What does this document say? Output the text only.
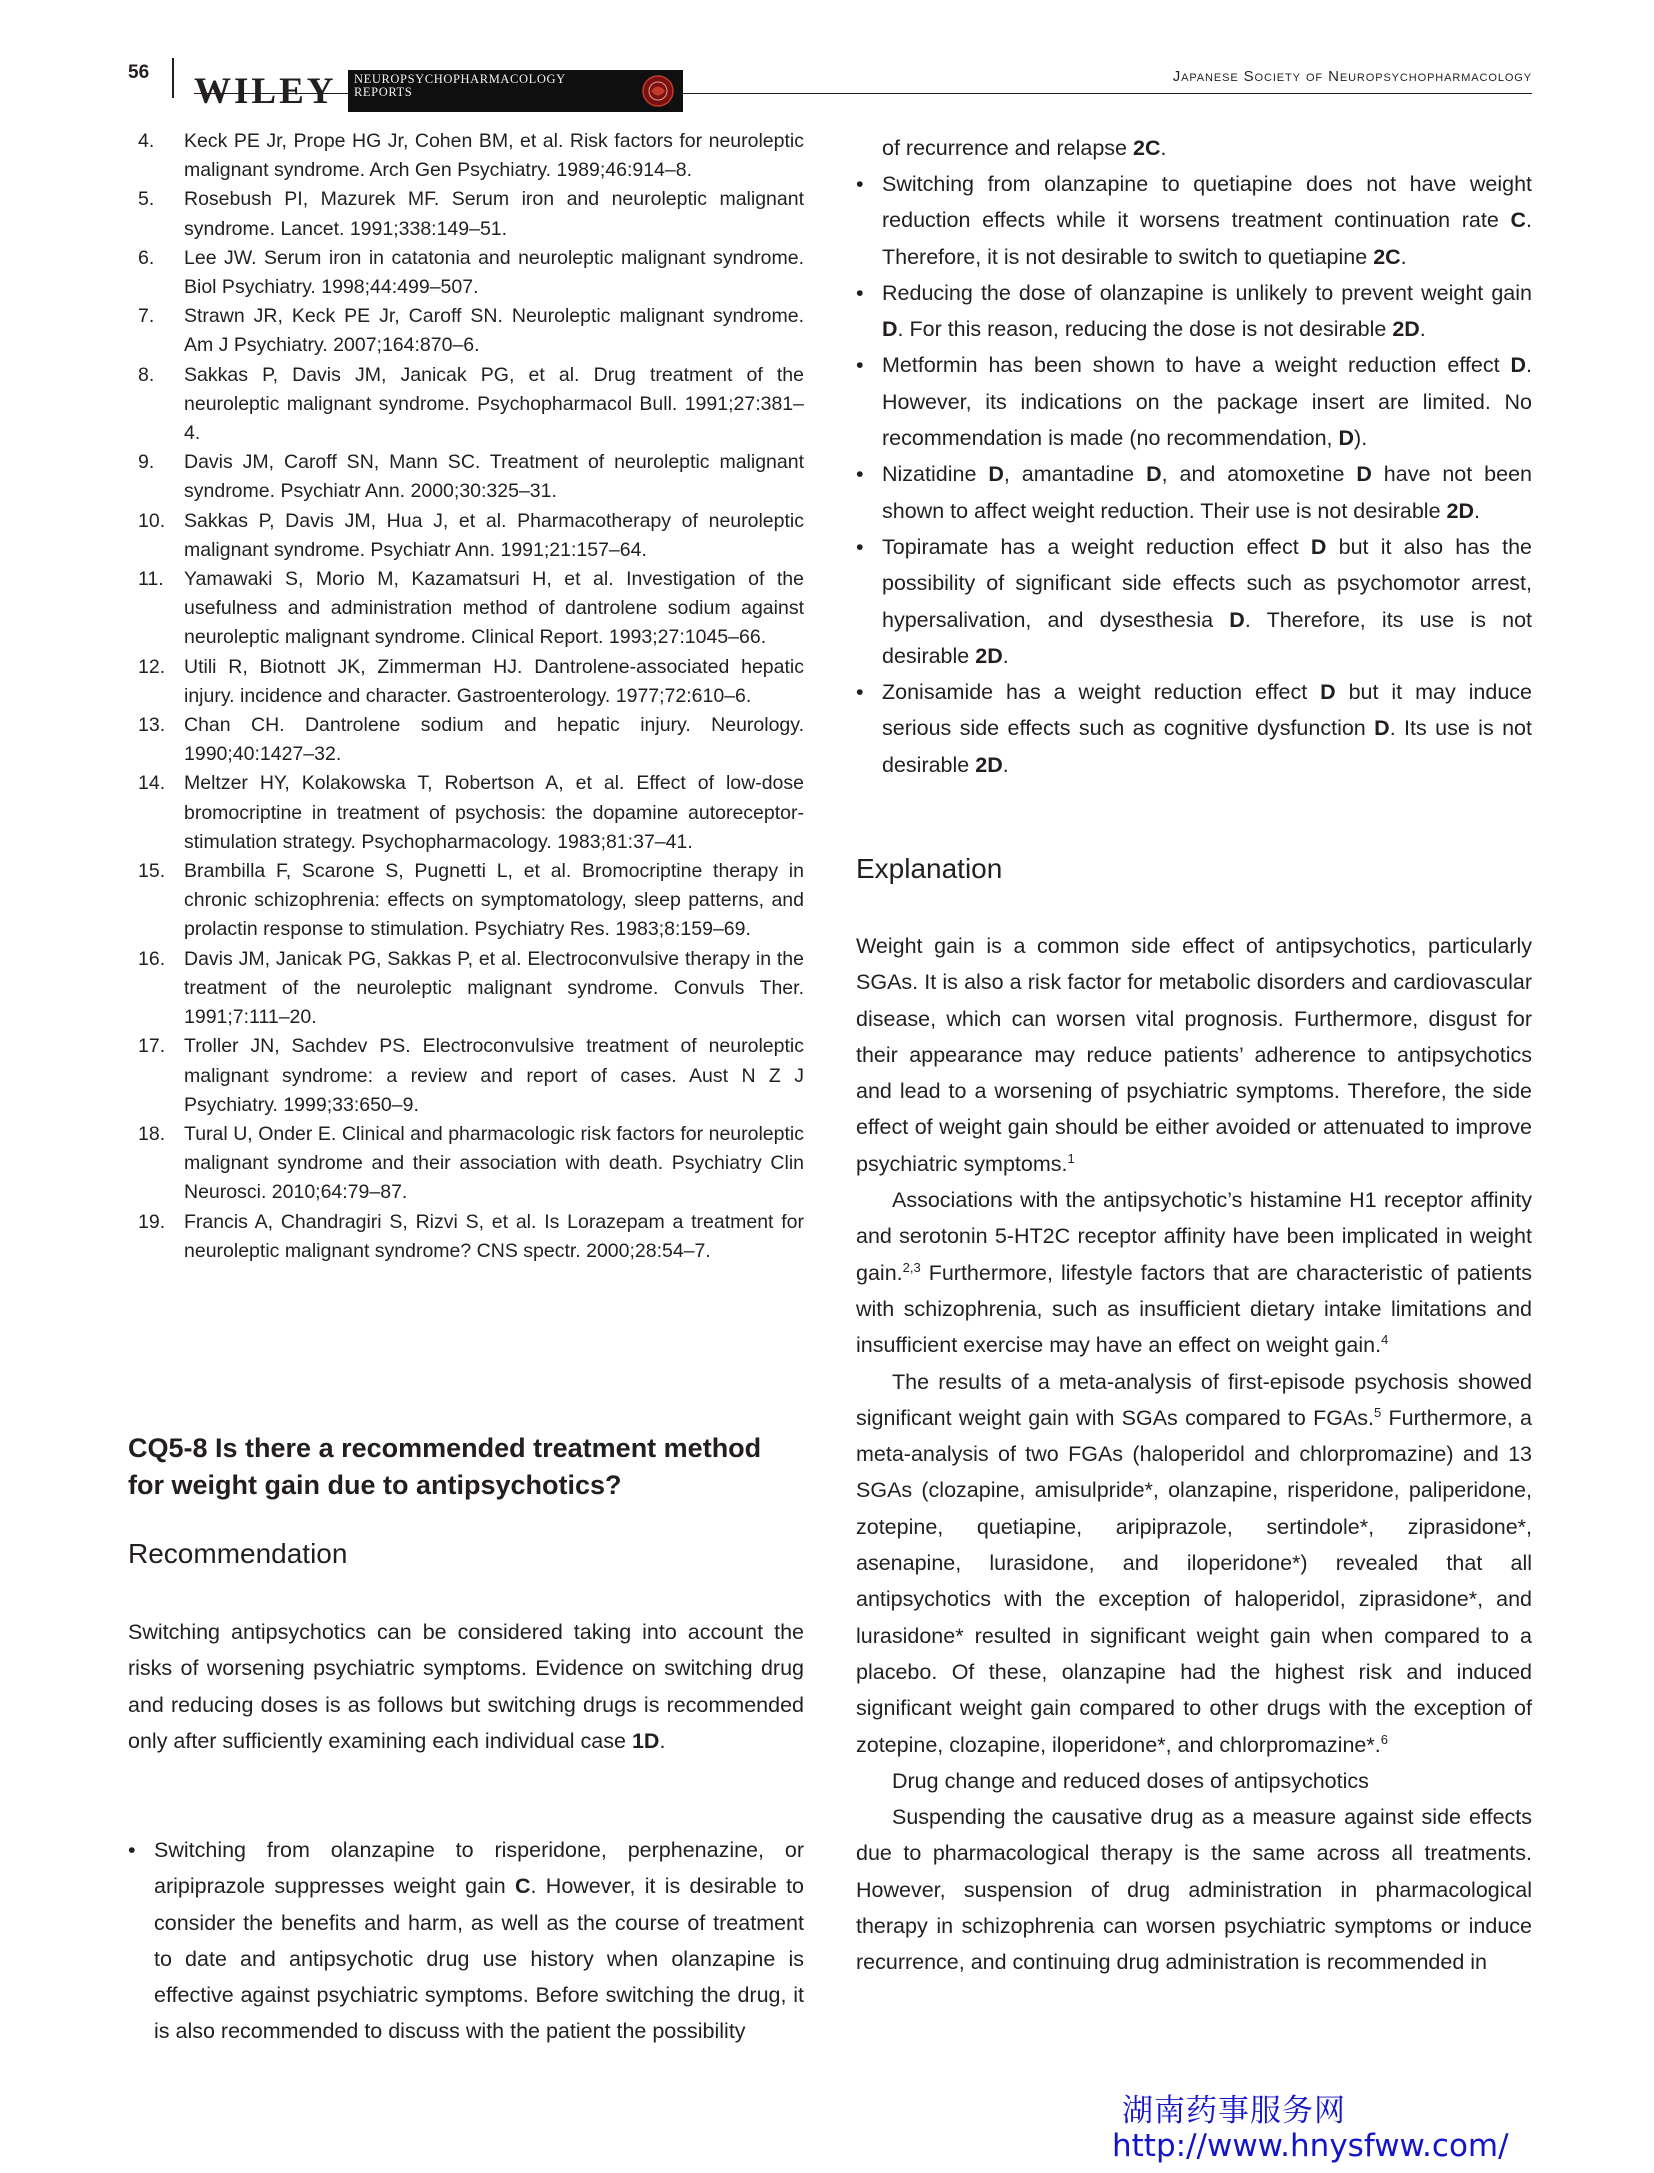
56 WILEY NEUROPSYCHOPHARMACOLOGY
REPORTS
Japanese Society of Neuropsychopharmacology
4.	Keck PE Jr, Prope HG Jr, Cohen BM, et al. Risk factors for neuroleptic malignant syndrome. Arch Gen Psychiatry. 1989;46:914–8.
5.	Rosebush PI, Mazurek MF. Serum iron and neuroleptic malignant syndrome. Lancet. 1991;338:149–51.
6.	Lee JW. Serum iron in catatonia and neuroleptic malignant syndrome. Biol Psychiatry. 1998;44:499–507.
7.	Strawn JR, Keck PE Jr, Caroff SN. Neuroleptic malignant syndrome. Am J Psychiatry. 2007;164:870–6.
8.	Sakkas P, Davis JM, Janicak PG, et al. Drug treatment of the neuroleptic malignant syndrome. Psychopharmacol Bull. 1991;27:381–4.
9.	Davis JM, Caroff SN, Mann SC. Treatment of neuroleptic malignant syndrome. Psychiatr Ann. 2000;30:325–31.
10. Sakkas P, Davis JM, Hua J, et al. Pharmacotherapy of neuroleptic malignant syndrome. Psychiatr Ann. 1991;21:157–64.
11.	Yamawaki S, Morio M, Kazamatsuri H, et al. Investigation of the usefulness and administration method of dantrolene sodium against neuroleptic malignant syndrome. Clinical Report. 1993;27:1045–66.
12. Utili R, Biotnott JK, Zimmerman HJ. Dantrolene-associated hepatic injury. incidence and character. Gastroenterology. 1977;72:610–6.
13. Chan CH. Dantrolene sodium and hepatic injury. Neurology. 1990;40:1427–32.
14. Meltzer HY, Kolakowska T, Robertson A, et al. Effect of low-dose bromocriptine in treatment of psychosis: the dopamine autoreceptor-stimulation strategy. Psychopharmacology. 1983;81:37–41.
15. Brambilla F, Scarone S, Pugnetti L, et al. Bromocriptine therapy in chronic schizophrenia: effects on symptomatology, sleep patterns, and prolactin response to stimulation. Psychiatry Res. 1983;8:159–69.
16. Davis JM, Janicak PG, Sakkas P, et al. Electroconvulsive therapy in the treatment of the neuroleptic malignant syndrome. Convuls Ther. 1991;7:111–20.
17. Troller JN, Sachdev PS. Electroconvulsive treatment of neuroleptic malignant syndrome: a review and report of cases. Aust N Z J Psychiatry. 1999;33:650–9.
18. Tural U, Onder E. Clinical and pharmacologic risk factors for neuroleptic malignant syndrome and their association with death. Psychiatry Clin Neurosci. 2010;64:79–87.
19. Francis A, Chandragiri S, Rizvi S, et al. Is Lorazepam a treatment for neuroleptic malignant syndrome? CNS spectr. 2000;28:54–7.
CQ5-8 Is there a recommended treatment method for weight gain due to antipsychotics?
Recommendation
Switching antipsychotics can be considered taking into account the risks of worsening psychiatric symptoms. Evidence on switching drug and reducing doses is as follows but switching drugs is recommended only after sufficiently examining each individual case 1D.
• Switching from olanzapine to risperidone, perphenazine, or aripiprazole suppresses weight gain C. However, it is desirable to consider the benefits and harm, as well as the course of treatment to date and antipsychotic drug use history when olanzapine is effective against psychiatric symptoms. Before switching the drug, it is also recommended to discuss with the patient the possibility
of recurrence and relapse 2C.
• Switching from olanzapine to quetiapine does not have weight reduction effects while it worsens treatment continuation rate C. Therefore, it is not desirable to switch to quetiapine 2C.
• Reducing the dose of olanzapine is unlikely to prevent weight gain D. For this reason, reducing the dose is not desirable 2D.
• Metformin has been shown to have a weight reduction effect D. However, its indications on the package insert are limited. No recommendation is made (no recommendation, D).
• Nizatidine D, amantadine D, and atomoxetine D have not been shown to affect weight reduction. Their use is not desirable 2D.
• Topiramate has a weight reduction effect D but it also has the possibility of significant side effects such as psychomotor arrest, hypersalivation, and dysesthesia D. Therefore, its use is not desirable 2D.
• Zonisamide has a weight reduction effect D but it may induce serious side effects such as cognitive dysfunction D. Its use is not desirable 2D.
Explanation

Weight gain is a common side effect of antipsychotics, particularly SGAs. It is also a risk factor for metabolic disorders and cardiovascular disease, which can worsen vital prognosis. Furthermore, disgust for their appearance may reduce patients’ adherence to antipsychotics and lead to a worsening of psychiatric symptoms. Therefore, the side effect of weight gain should be either avoided or attenuated to improve psychiatric symptoms.$^1$

Associations with the antipsychotic’s histamine H1 receptor affinity and serotonin 5-HT2C receptor affinity have been implicated in weight gain.$^{2,3}$ Furthermore, lifestyle factors that are characteristic of patients with schizophrenia, such as insufficient dietary intake limitations and insufficient exercise may have an effect on weight gain.$^4$

The results of a meta-analysis of first-episode psychosis showed significant weight gain with SGAs compared to FGAs.$^5$ Furthermore, a meta-analysis of two FGAs (haloperidol and chlorpromazine) and 13 SGAs (clozapine, amisulpride*, olanzapine, risperidone, paliperidone, zotepine, quetiapine, aripiprazole, sertindole*, ziprasidone*, asenapine, lurasidone, and iloperidone*) revealed that all antipsychotics with the exception of haloperidol, ziprasidone*, and lurasidone* resulted in significant weight gain when compared to a placebo. Of these, olanzapine had the highest risk and induced significant weight gain compared to other drugs with the exception of zotepine, clozapine, iloperidone*, and chlorpromazine*.$^6$

Drug change and reduced doses of antipsychotics

Suspending the causative drug as a measure against side effects due to pharmacological therapy is the same across all treatments. However, suspension of drug administration in pharmacological therapy in schizophrenia can worsen psychiatric symptoms or induce recurrence, and continuing drug administration is recommended in

湖南药事服务网
http://www.hnysfww.com/
